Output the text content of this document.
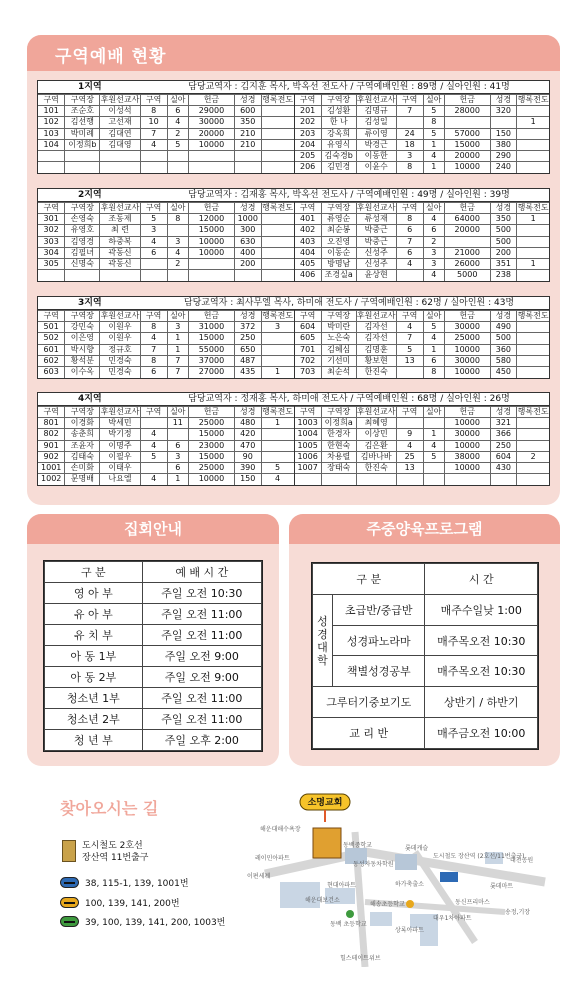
구역예배 현황
1지역	담당교역자 : 김지훈 목사, 박옥선 전도사 / 구역예배인원 : 89명 / 실아인원 : 41명
구역	구역장	후원선교사	구역	실아	헌금	성경	행록전도
101	조순호	이성석	8	6	29000	600	
102	김선행	고선재	10	4	30000	350	
103	박미례	김대연	7	2	20000	210	
104	이정희b	김대영	4	5	10000	210	

구역	구역장	후원선교사	구역	실아	헌금	성경	행록전도
201	김성환	김명규	7	5	28000	320	
202	한 나	김성일		8			1
203	강옥희	류이영	24	5	57000	150	
204	유영식	박경근	18	1	15000	380	
205	김숙경b	이동한	3	4	20000	290	
206	김민경	이윤수	8	1	10000	240	
2지역	담당교역자 : 김재홍 목사, 박옥선 전도사 / 구역예배인원 : 49명 / 실아인원 : 39명
구역	구역장	후원선교사	구역	실아	헌금	성경	행록전도
301	손영숙	조동제	5	8	12000	1000	
302	유영호	최 련	3		15000	300	
303	김영경	하중복	4	3	10000	630	
304	김필녀	곽동신	6	4	10000	400	
305	신명숙	곽동신		2		200	

구역	구역장	후원선교사	구역	실아	헌금	성경	행록전도
401	류영순	류성재	8	4	64000	350	1
402	최순봉	박중근	6	6	20000	500	
403	오진영	박중근	7	2		500	
404	이동순	신성주	6	3	21000	200	
405	방명남	신성주	4	3	26000	351	1
406	조경실a	윤상현		4	5000	238	
3지역	담당교역자 : 최사무엘 목사, 하미애 전도사 / 구역예배인원 : 62명 / 실아인원 : 43명
구역	구역장	후원선교사	구역	실아	헌금	성경	행록전도
501	강민숙	이원우	8	3	31000	372	3
502	이은영	이원우	4	1	15000	250	
601	박시향	정규호	7	1	55000	650	
602	황석분	민경숙	8	7	37000	487	
603	이수옥	민경숙	6	7	27000	435	1
구역	구역장	후원선교사	구역	실아	헌금	성경	행록전도
604	박미란	김자선	4	5	30000	490	
605	노은숙	김자선	7	4	25000	500	
701	김혜심	김명훈	5	1	10000	360	
702	기선미	황보현	13	6	30000	580	
703	최순석	한진숙		8	10000	450	
4지역	담당교역자 : 정재홍 목사, 하미애 전도사 / 구역예배인원 : 68명 / 실아인원 : 26명
구역	구역장	후원선교사	구역	실아	헌금	성경	행록전도
801	이경화	박세민		11	25000	480	1
802	송춘희	박기정	4		15000	420	
901	조윤자	이명주	4	6	23000	470	
902	김태숙	이필우	5	3	15000	90	
1001	손미화	이태우		6	25000	390	5
1002	문명배	나요엘	4	1	10000	150	4
구역	구역장	후원선교사	구역	실아	헌금	성경	행록전도
1003	이정희a	최혜영			10000	321	
1004	한경자	이상민	9	1	30000	366	
1005	한현숙	김은환	4	4	10000	250	
1006	차용렬	김바나바	25	5	38000	604	2
1007	장태숙	한진숙	13		10000	430	

집회안내
구 분	예 배 시 간
영 아 부	주일 오전 10:30
유 아 부	주일 오전 11:00
유 치 부	주일 오전 11:00
아 동 1부	주일 오전 9:00
아 동 2부	주일 오전 9:00
청소년 1부	주일 오전 11:00
청소년 2부	주일 오전 11:00
청 년 부	주일 오후 2:00
주중양육프로그램
구 분		시 간
성경대학	초급반/중급반	매주수일낮 1:00
	성경파노라마	매주목오전 10:30
	책별성경공부	매주목오전 10:30
그루터기중보기도		상반기 / 하반기
교 리 반		매주금오전 10:00
찾아오시는 길
도시철도 2호선
장산역 11번출구
38, 115-1, 139, 1001번
100, 139, 141, 200번
39, 100, 139, 141, 200, 1003번
소명교회
해운대해수욕장
동백중학교
레이민아파트
롯데캐슬
동성자동차학원
도시철도 장산역 (2호선/11번출구)
대천공원
이편세계
현대아파트	하가축출소	롯데마트
해운대보건소
해송초등학교	동신프리마스
송정,기장
동백 초등학교
상록아파트
대우1차아파트
힐스테이트위브
